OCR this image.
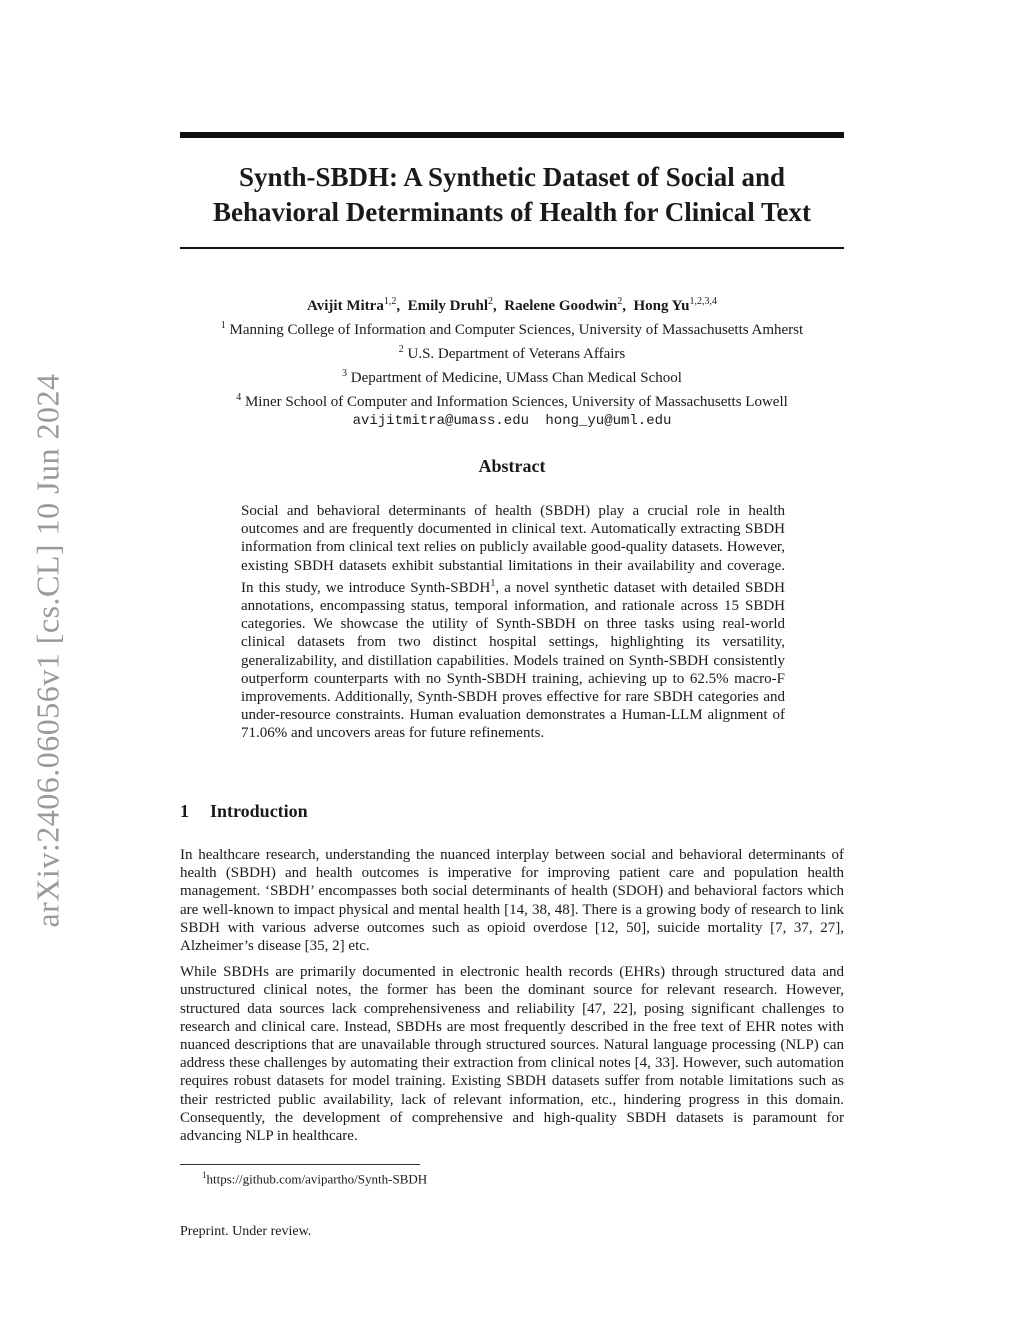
arXiv:2406.06056v1 [cs.CL] 10 Jun 2024
Synth-SBDH: A Synthetic Dataset of Social and
Behavioral Determinants of Health for Clinical Text
Avijit Mitra$^{1,2}$,  Emily Druhl$^2$,  Raelene Goodwin$^2$,  Hong Yu$^{1,2,3,4}$
$^1$ Manning College of Information and Computer Sciences, University of Massachusetts Amherst
$^2$ U.S. Department of Veterans Affairs
$^3$ Department of Medicine, UMass Chan Medical School
$^4$ Miner School of Computer and Information Sciences, University of Massachusetts Lowell
avijitmitra@umass.edu hong_yu@uml.edu
Abstract
Social and behavioral determinants of health (SBDH) play a crucial role in health outcomes and are frequently documented in clinical text. Automatically extracting SBDH information from clinical text relies on publicly available good-quality datasets. However, existing SBDH datasets exhibit substantial limitations in their availability and coverage. In this study, we introduce Synth-SBDH$^1$, a novel synthetic dataset with detailed SBDH annotations, encompassing status, temporal information, and rationale across 15 SBDH categories. We showcase the utility of Synth-SBDH on three tasks using real-world clinical datasets from two distinct hospital settings, highlighting its versatility, generalizability, and distillation capabilities. Models trained on Synth-SBDH consistently outperform counterparts with no Synth-SBDH training, achieving up to 62.5% macro-F improvements. Additionally, Synth-SBDH proves effective for rare SBDH categories and under-resource constraints. Human evaluation demonstrates a Human-LLM alignment of 71.06% and uncovers areas for future refinements.
1 Introduction

In healthcare research, understanding the nuanced interplay between social and behavioral determinants of health (SBDH) and health outcomes is imperative for improving patient care and population health management. ‘SBDH’ encompasses both social determinants of health (SDOH) and behavioral factors which are well-known to impact physical and mental health [14, 38, 48]. There is a growing body of research to link SBDH with various adverse outcomes such as opioid overdose [12, 50], suicide mortality [7, 37, 27], Alzheimer’s disease [35, 2] etc.

While SBDHs are primarily documented in electronic health records (EHRs) through structured data and unstructured clinical notes, the former has been the dominant source for relevant research. However, structured data sources lack comprehensiveness and reliability [47, 22], posing significant challenges to research and clinical care. Instead, SBDHs are most frequently described in the free text of EHR notes with nuanced descriptions that are unavailable through structured sources. Natural language processing (NLP) can address these challenges by automating their extraction from clinical notes [4, 33]. However, such automation requires robust datasets for model training. Existing SBDH datasets suffer from notable limitations such as their restricted public availability, lack of relevant information, etc., hindering progress in this domain. Consequently, the development of comprehensive and high-quality SBDH datasets is paramount for advancing NLP in healthcare.

$^1$https://github.com/avipartho/Synth-SBDH
Preprint. Under review.
